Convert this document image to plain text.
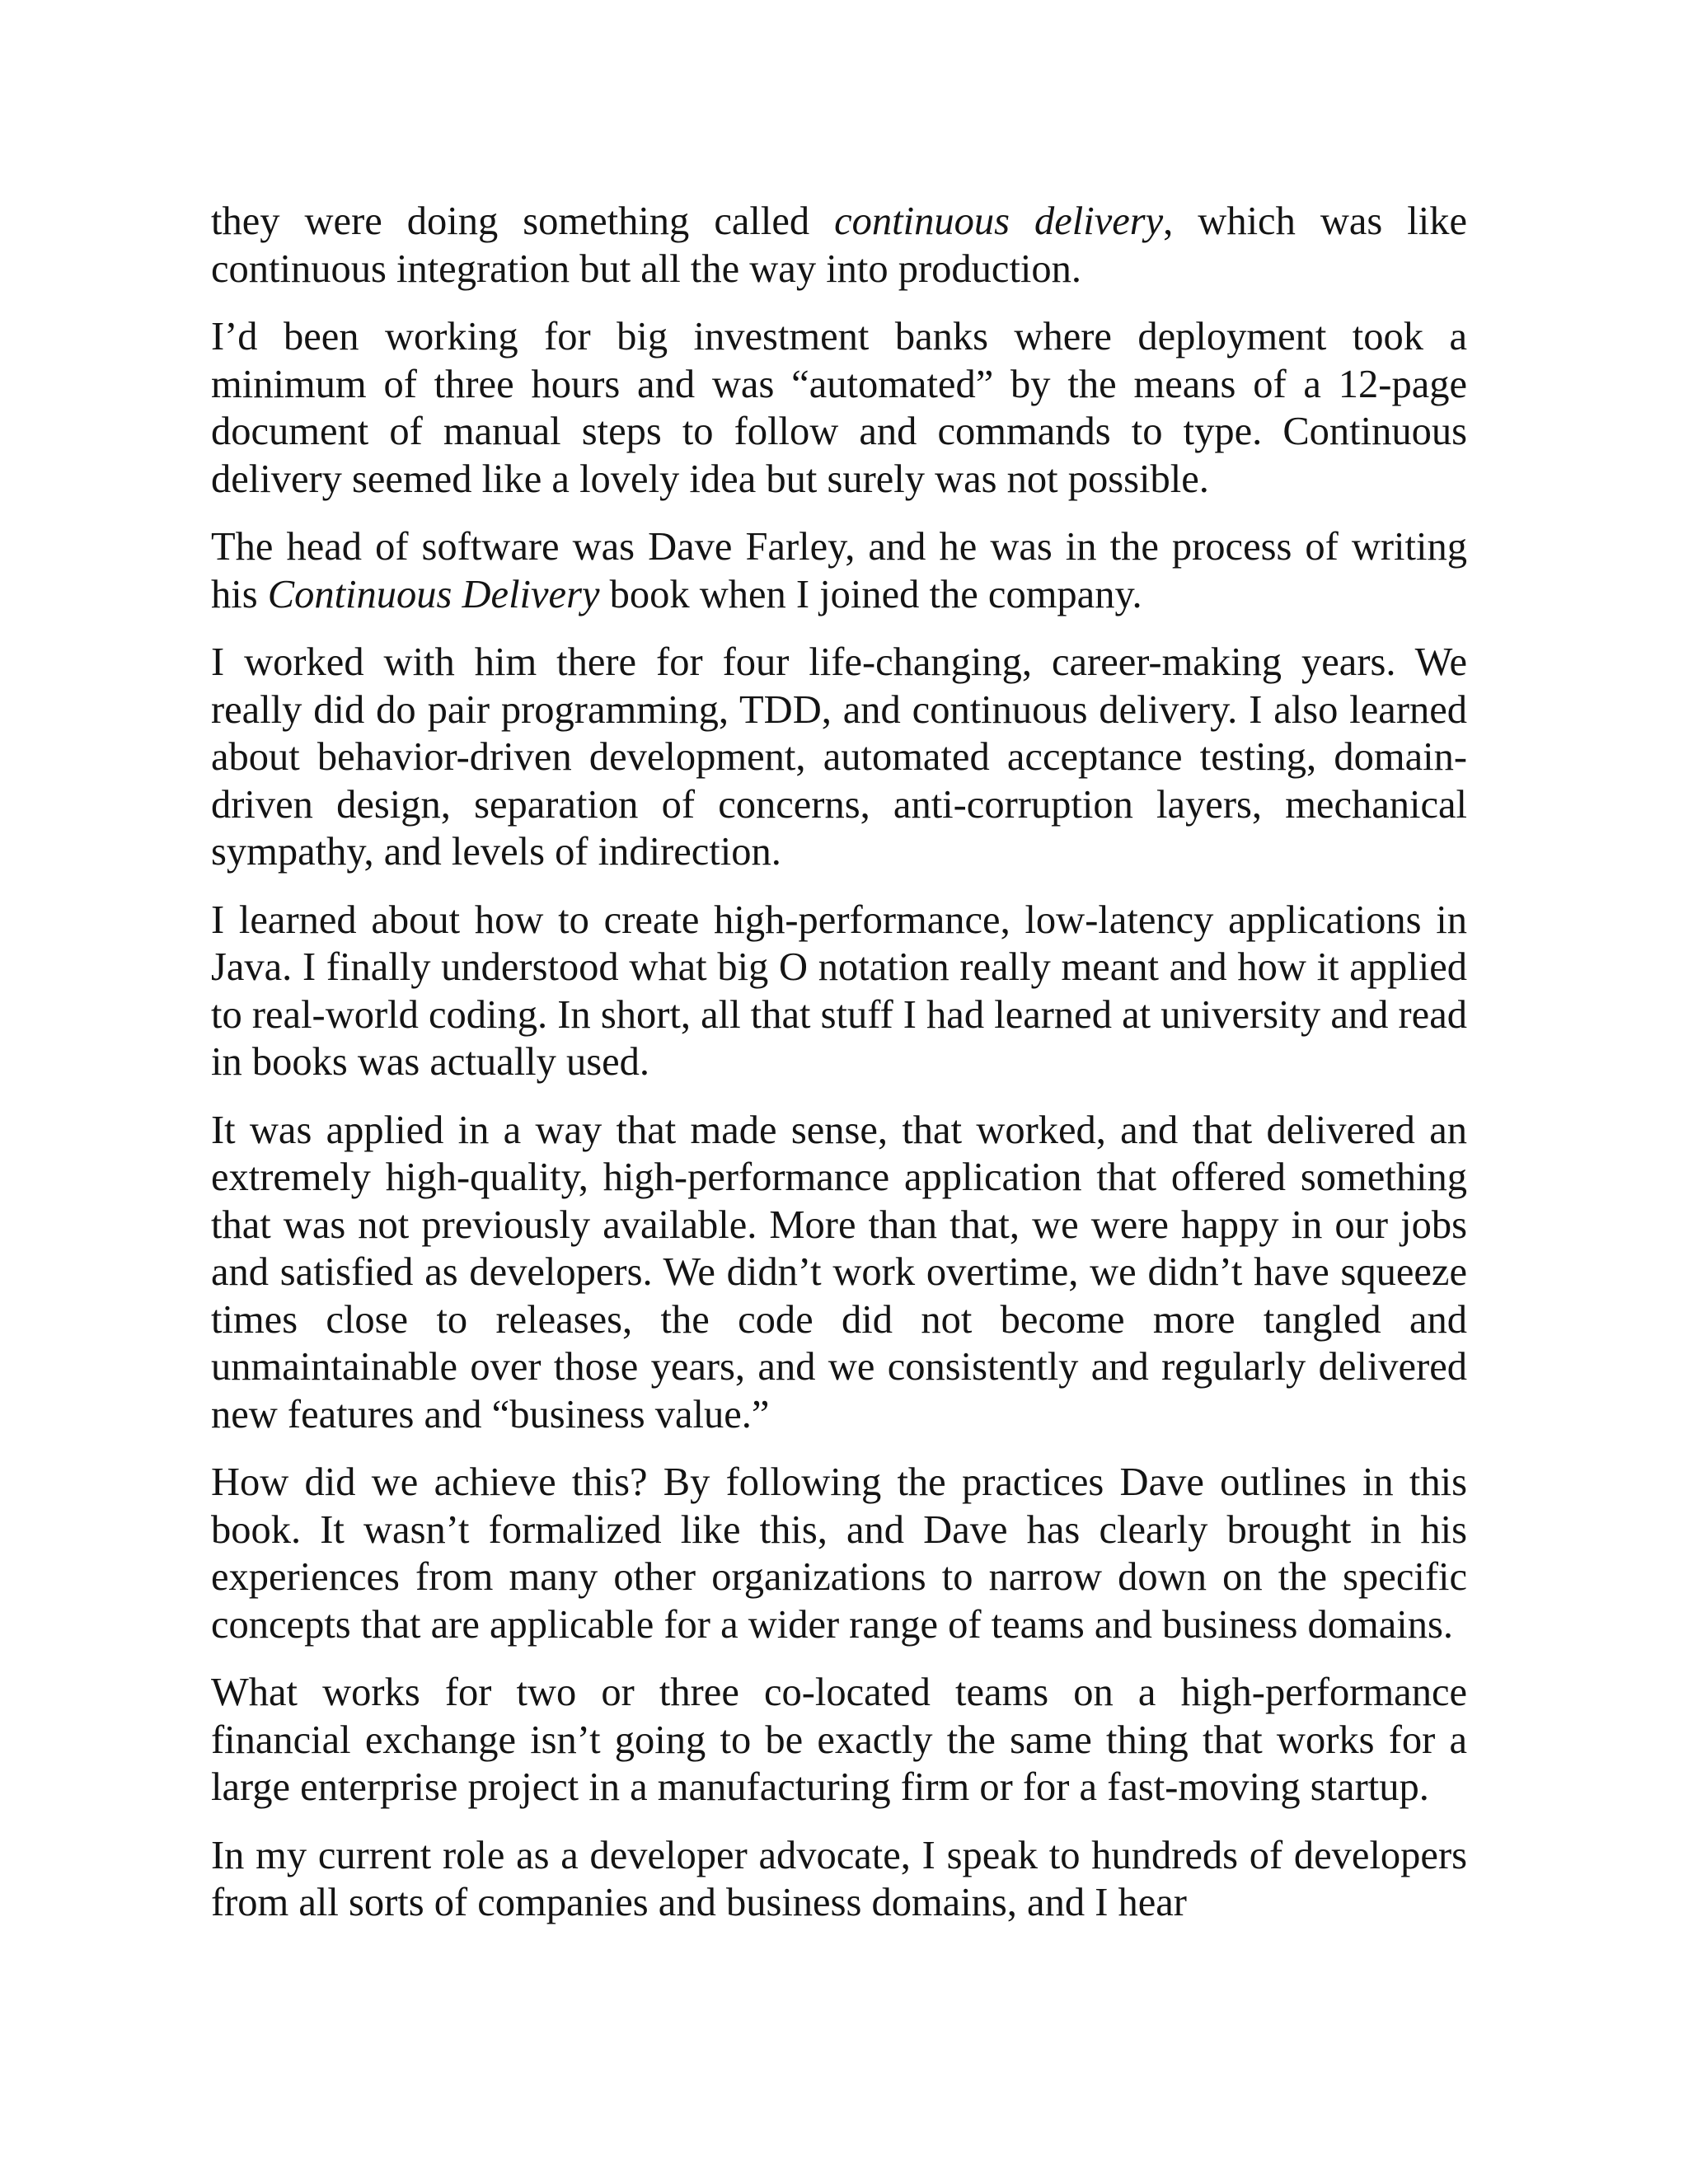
they were doing something called continuous delivery, which was like continuous integration but all the way into production.

I’d been working for big investment banks where deployment took a minimum of three hours and was “automated” by the means of a 12-page document of manual steps to follow and commands to type. Continuous delivery seemed like a lovely idea but surely was not possible.

The head of software was Dave Farley, and he was in the process of writing his Continuous Delivery book when I joined the company.

I worked with him there for four life-changing, career-making years. We really did do pair programming, TDD, and continuous delivery. I also learned about behavior-driven development, automated acceptance testing, domain-driven design, separation of concerns, anti-corruption layers, mechanical sympathy, and levels of indirection.

I learned about how to create high-performance, low-latency applications in Java. I finally understood what big O notation really meant and how it applied to real-world coding. In short, all that stuff I had learned at university and read in books was actually used.

It was applied in a way that made sense, that worked, and that delivered an extremely high-quality, high-performance application that offered something that was not previously available. More than that, we were happy in our jobs and satisfied as developers. We didn’t work overtime, we didn’t have squeeze times close to releases, the code did not become more tangled and unmaintainable over those years, and we consistently and regularly delivered new features and “business value.”

How did we achieve this? By following the practices Dave outlines in this book. It wasn’t formalized like this, and Dave has clearly brought in his experiences from many other organizations to narrow down on the specific concepts that are applicable for a wider range of teams and business domains.

What works for two or three co-located teams on a high-performance financial exchange isn’t going to be exactly the same thing that works for a large enterprise project in a manufacturing firm or for a fast-moving startup.

In my current role as a developer advocate, I speak to hundreds of developers from all sorts of companies and business domains, and I hear
